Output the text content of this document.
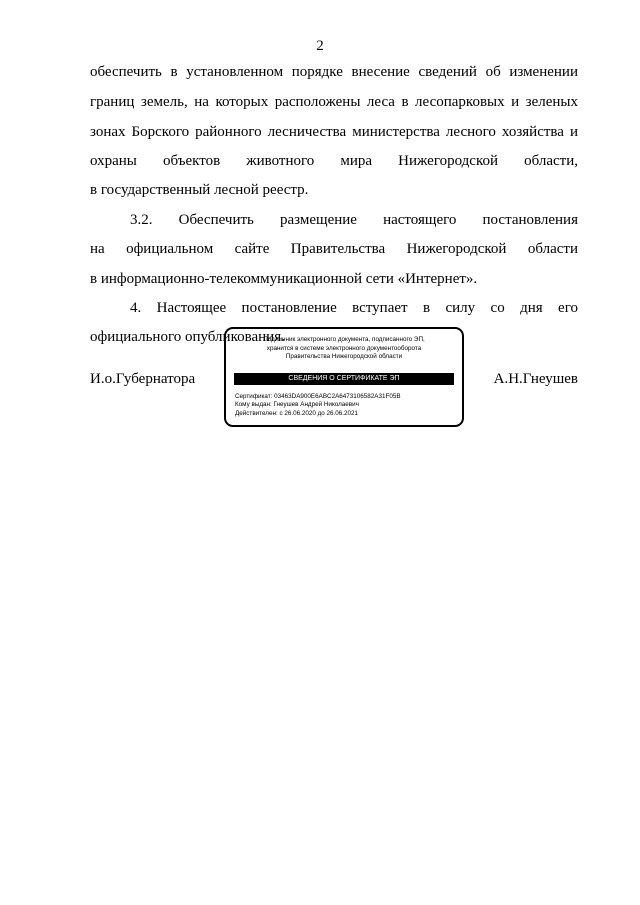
2
обеспечить в установленном порядке внесение сведений об изменении
границ земель, на которых расположены леса в лесопарковых и зеленых
зонах Борского районного лесничества министерства лесного хозяйства и
охраны объектов животного мира Нижегородской области,
в государственный лесной реестр.
3.2. Обеспечить размещение настоящего постановления
на официальном сайте Правительства Нижегородской области
в информационно-телекоммуникационной сети «Интернет».
4. Настоящее постановление вступает в силу со дня его
официального опубликования.
И.о.Губернатора
Подлинник электронного документа, подписанного ЭП,
хранится в системе электронного документооборота
Правительства Нижегородской области
СВЕДЕНИЯ О СЕРТИФИКАТЕ ЭП
Сертификат: 03463DA900E6ABC2A6473106582A31F05B
Кому выдан: Гнеушев Андрей Николаевич
Действителен: с 26.06.2020 до 26.06.2021
А.Н.Гнеушев
